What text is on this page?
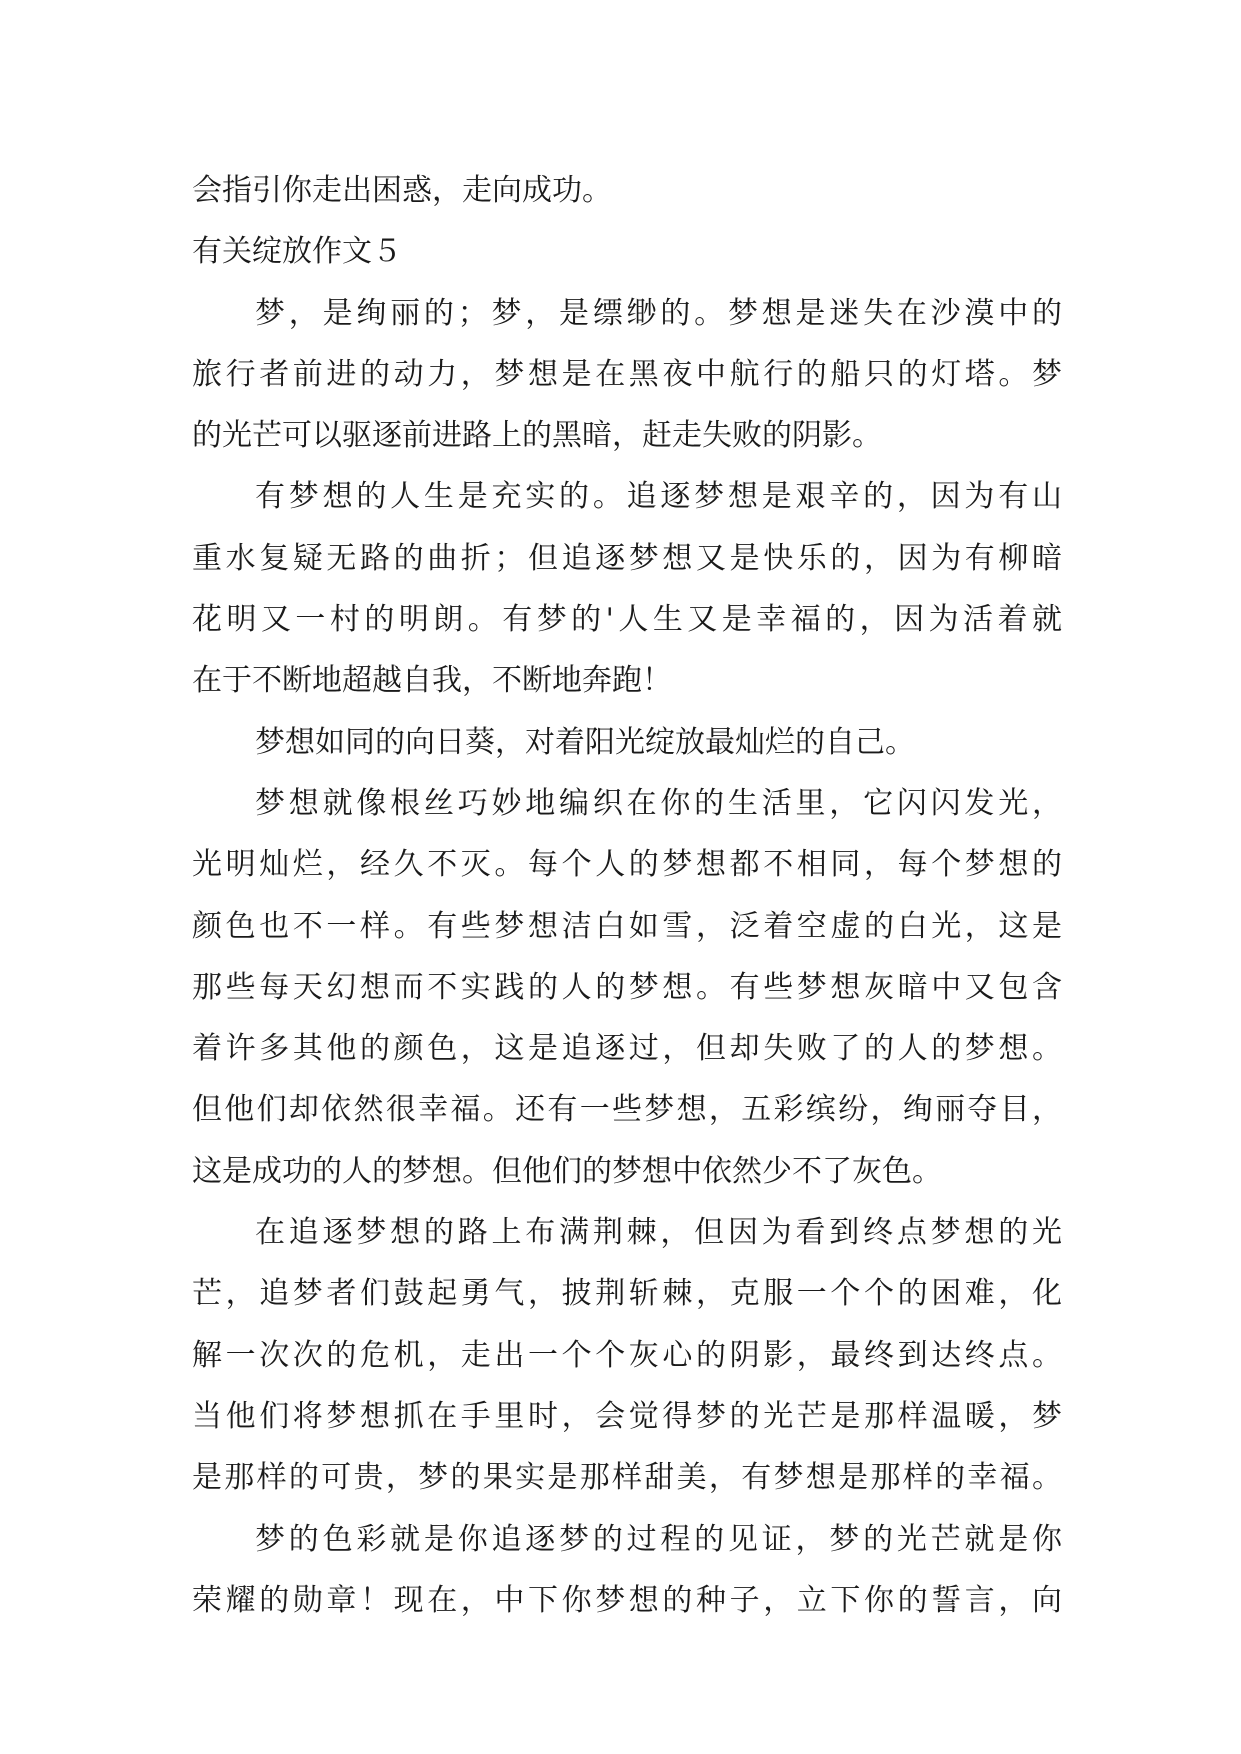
会指引你走出困惑，走向成功。
有关绽放作文５
梦，是绚丽的；梦，是缥缈的。梦想是迷失在沙漠中的
旅行者前进的动力，梦想是在黑夜中航行的船只的灯塔。梦
的光芒可以驱逐前进路上的黑暗，赶走失败的阴影。
有梦想的人生是充实的。追逐梦想是艰辛的，因为有山
重水复疑无路的曲折；但追逐梦想又是快乐的，因为有柳暗
花明又一村的明朗。有梦的'人生又是幸福的，因为活着就
在于不断地超越自我，不断地奔跑！
梦想如同的向日葵，对着阳光绽放最灿烂的自己。
梦想就像根丝巧妙地编织在你的生活里，它闪闪发光，
光明灿烂，经久不灭。每个人的梦想都不相同，每个梦想的
颜色也不一样。有些梦想洁白如雪，泛着空虚的白光，这是
那些每天幻想而不实践的人的梦想。有些梦想灰暗中又包含
着许多其他的颜色，这是追逐过，但却失败了的人的梦想。
但他们却依然很幸福。还有一些梦想，五彩缤纷，绚丽夺目，
这是成功的人的梦想。但他们的梦想中依然少不了灰色。
在追逐梦想的路上布满荆棘，但因为看到终点梦想的光
芒，追梦者们鼓起勇气，披荆斩棘，克服一个个的困难，化
解一次次的危机，走出一个个灰心的阴影，最终到达终点。
当他们将梦想抓在手里时，会觉得梦的光芒是那样温暖，梦
是那样的可贵，梦的果实是那样甜美，有梦想是那样的幸福。
梦的色彩就是你追逐梦的过程的见证，梦的光芒就是你
荣耀的勋章！现在，中下你梦想的种子，立下你的誓言，向
